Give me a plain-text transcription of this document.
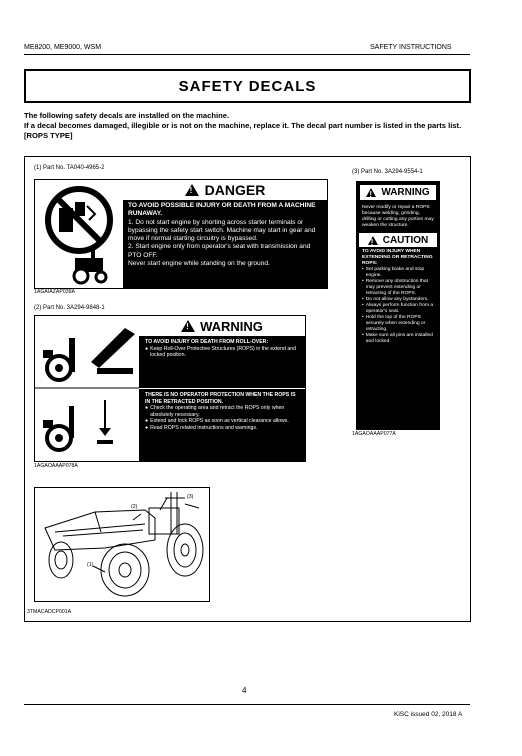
ME8200, ME9000, WSM	SAFETY INSTRUCTIONS
SAFETY DECALS
The following safety decals are installed on the machine.
If a decal becomes damaged, illegible or is not on the machine, replace it. The decal part number is listed in the parts list.
[ROPS TYPE]
(1) Part No. TA040-4965-2
!
DANGER
TO AVOID POSSIBLE INJURY OR DEATH FROM A MACHINE RUNAWAY.
1. Do not start engine by shorting across starter terminals or bypassing the safety start switch. Machine may start in gear and move if normal starting circuitry is bypassed.
2. Start engine only from operator's seat with transmission and PTO OFF.
Never start engine while standing on the ground.
1AGAIAZAP039A
(2) Part No. 3A294-9848-1
!
WARNING
TO AVOID INJURY OR DEATH FROM ROLL-OVER:
● Keep Roll-Over Protective Structures (ROPS) in the extend and locked position.
THERE IS NO OPERATOR PROTECTION WHEN THE ROPS IS IN THE RETRACTED POSITION.
● Check the operating area and retract the ROPS only when absolutely necessary.
● Extend and lock ROPS as soon as vertical clearance allows.
● Read ROPS related instructions and warnings.
1AGAOAAAP078A
(3) Part No. 3A294-9554-1
!
WARNING
Never modify or repair a ROPS because welding, grinding, drilling or cutting any portion may weaken the structure.
!
CAUTION
TO AVOID INJURY WHEN EXTENDING OR RETRACTING ROPS:
• Set parking brake and stop engine.
• Remove any obstruction that may prevent extending or retracting of the ROPS.
• Do not allow any bystanders.
• Always perform function from a operator's seat.
• Hold the top of the ROPS securely when extending or retracting.
• Make sure all pins are installed and locked.
1AGAOAAAP077A
(1)
(2)
(3)
3TMACADCP001A
4
KiSC issued 02, 2018 A
